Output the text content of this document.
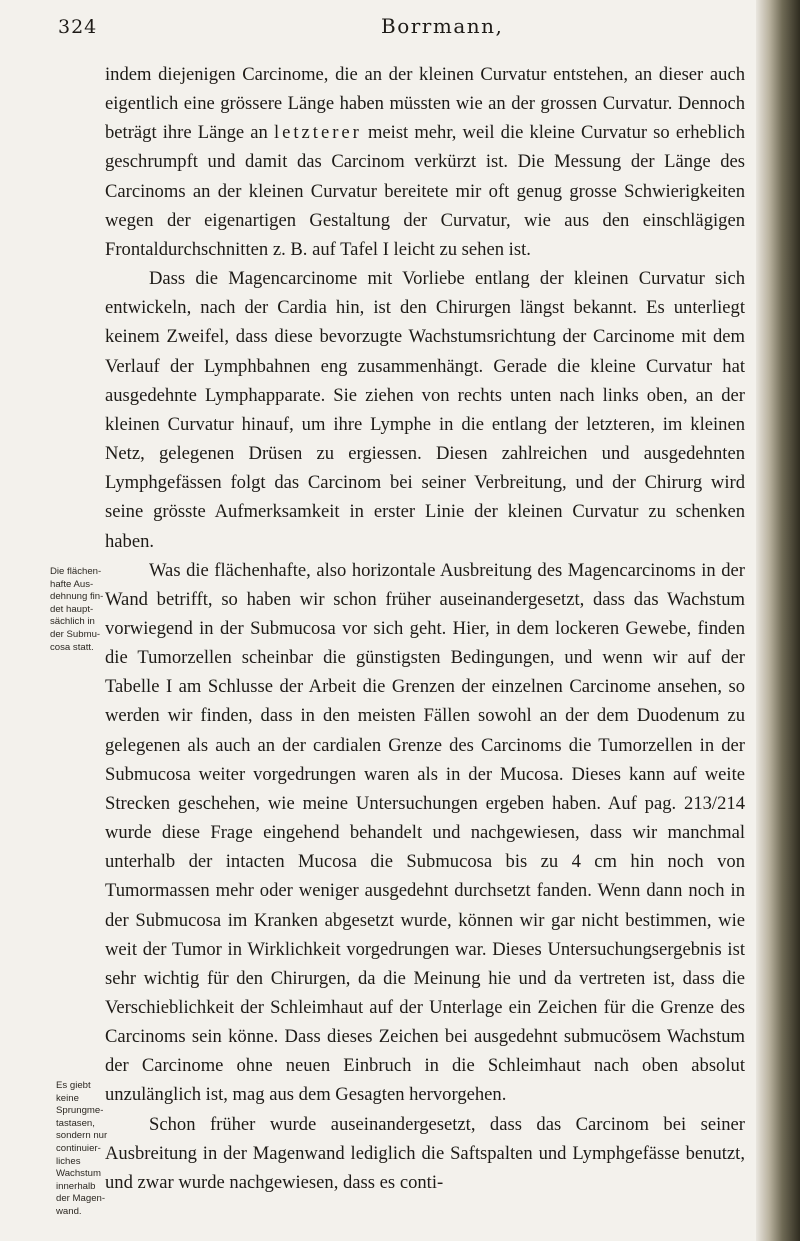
324	Borrmann,

indem diejenigen Carcinome, die an der kleinen Curvatur entstehen, an dieser auch eigentlich eine grössere Länge haben müssten wie an der grossen Curvatur. Dennoch beträgt ihre Länge an letzterer meist mehr, weil die kleine Curvatur so erheblich geschrumpft und damit das Carcinom verkürzt ist. Die Messung der Länge des Carcinoms an der kleinen Curvatur bereitete mir oft genug grosse Schwierigkeiten wegen der eigenartigen Gestaltung der Curvatur, wie aus den einschlägigen Frontaldurchschnitten z. B. auf Tafel I leicht zu sehen ist.

Dass die Magencarcinome mit Vorliebe entlang der kleinen Curvatur sich entwickeln, nach der Cardia hin, ist den Chirurgen längst bekannt. Es unterliegt keinem Zweifel, dass diese bevorzugte Wachstumsrichtung der Carcinome mit dem Verlauf der Lymphbahnen eng zusammenhängt. Gerade die kleine Curvatur hat ausgedehnte Lymphapparate. Sie ziehen von rechts unten nach links oben, an der kleinen Curvatur hinauf, um ihre Lymphe in die entlang der letzteren, im kleinen Netz, gelegenen Drüsen zu ergiessen. Diesen zahlreichen und ausgedehnten Lymphgefässen folgt das Carcinom bei seiner Verbreitung, und der Chirurg wird seine grösste Aufmerksamkeit in erster Linie der kleinen Curvatur zu schenken haben.

Was die flächenhafte, also horizontale Ausbreitung des Magencarcinoms in der Wand betrifft, so haben wir schon früher auseinandergesetzt, dass das Wachstum vorwiegend in der Submucosa vor sich geht. Hier, in dem lockeren Gewebe, finden die Tumorzellen scheinbar die günstigsten Bedingungen, und wenn wir auf der Tabelle I am Schlusse der Arbeit die Grenzen der einzelnen Carcinome ansehen, so werden wir finden, dass in den meisten Fällen sowohl an der dem Duodenum zu gelegenen als auch an der cardialen Grenze des Carcinoms die Tumorzellen in der Submucosa weiter vorgedrungen waren als in der Mucosa. Dieses kann auf weite Strecken geschehen, wie meine Untersuchungen ergeben haben. Auf pag. 213/214 wurde diese Frage eingehend behandelt und nachgewiesen, dass wir manchmal unterhalb der intacten Mucosa die Submucosa bis zu 4 cm hin noch von Tumormassen mehr oder weniger ausgedehnt durchsetzt fanden. Wenn dann noch in der Submucosa im Kranken abgesetzt wurde, können wir gar nicht bestimmen, wie weit der Tumor in Wirklichkeit vorgedrungen war. Dieses Untersuchungsergebnis ist sehr wichtig für den Chirurgen, da die Meinung hie und da vertreten ist, dass die Verschieblichkeit der Schleimhaut auf der Unterlage ein Zeichen für die Grenze des Carcinoms sein könne. Dass dieses Zeichen bei ausgedehnt submucösem Wachstum der Carcinome ohne neuen Einbruch in die Schleimhaut nach oben absolut unzulänglich ist, mag aus dem Gesagten hervorgehen.

Schon früher wurde auseinandergesetzt, dass das Carcinom bei seiner Ausbreitung in der Magenwand lediglich die Saftspalten und Lymphgefässe benutzt, und zwar wurde nachgewiesen, dass es conti-

Die flächen-
hafte Aus-
dehnung fin-
det haupt-
sächlich in
der Submu-
cosa statt.
Es giebt
keine
Sprungme-
tastasen,
sondern nur
continuier-
liches
Wachstum
innerhalb
der Magen-
wand.
